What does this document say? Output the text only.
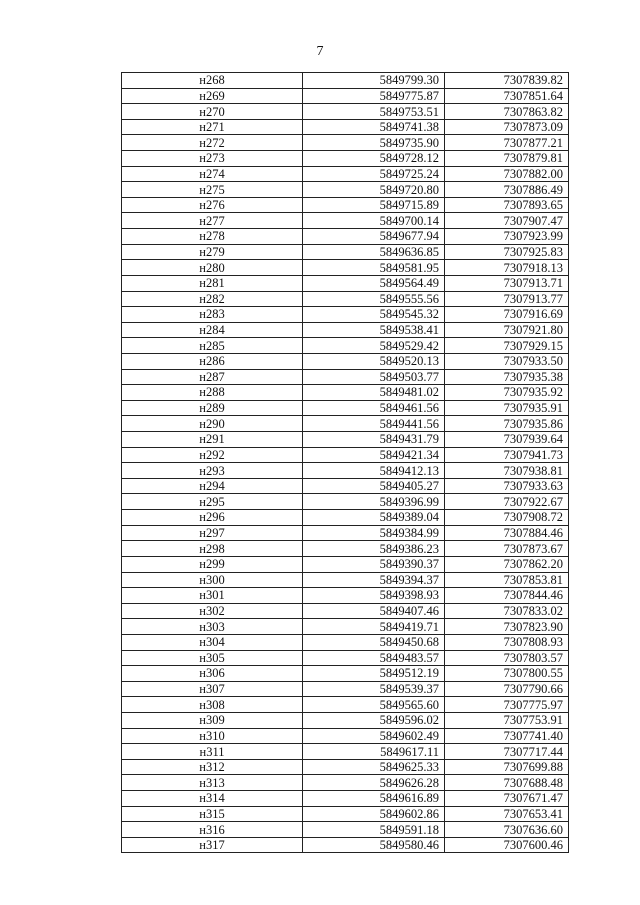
7
н268	5849799.30	7307839.82
н269	5849775.87	7307851.64
н270	5849753.51	7307863.82
н271	5849741.38	7307873.09
н272	5849735.90	7307877.21
н273	5849728.12	7307879.81
н274	5849725.24	7307882.00
н275	5849720.80	7307886.49
н276	5849715.89	7307893.65
н277	5849700.14	7307907.47
н278	5849677.94	7307923.99
н279	5849636.85	7307925.83
н280	5849581.95	7307918.13
н281	5849564.49	7307913.71
н282	5849555.56	7307913.77
н283	5849545.32	7307916.69
н284	5849538.41	7307921.80
н285	5849529.42	7307929.15
н286	5849520.13	7307933.50
н287	5849503.77	7307935.38
н288	5849481.02	7307935.92
н289	5849461.56	7307935.91
н290	5849441.56	7307935.86
н291	5849431.79	7307939.64
н292	5849421.34	7307941.73
н293	5849412.13	7307938.81
н294	5849405.27	7307933.63
н295	5849396.99	7307922.67
н296	5849389.04	7307908.72
н297	5849384.99	7307884.46
н298	5849386.23	7307873.67
н299	5849390.37	7307862.20
н300	5849394.37	7307853.81
н301	5849398.93	7307844.46
н302	5849407.46	7307833.02
н303	5849419.71	7307823.90
н304	5849450.68	7307808.93
н305	5849483.57	7307803.57
н306	5849512.19	7307800.55
н307	5849539.37	7307790.66
н308	5849565.60	7307775.97
н309	5849596.02	7307753.91
н310	5849602.49	7307741.40
н311	5849617.11	7307717.44
н312	5849625.33	7307699.88
н313	5849626.28	7307688.48
н314	5849616.89	7307671.47
н315	5849602.86	7307653.41
н316	5849591.18	7307636.60
н317	5849580.46	7307600.46
